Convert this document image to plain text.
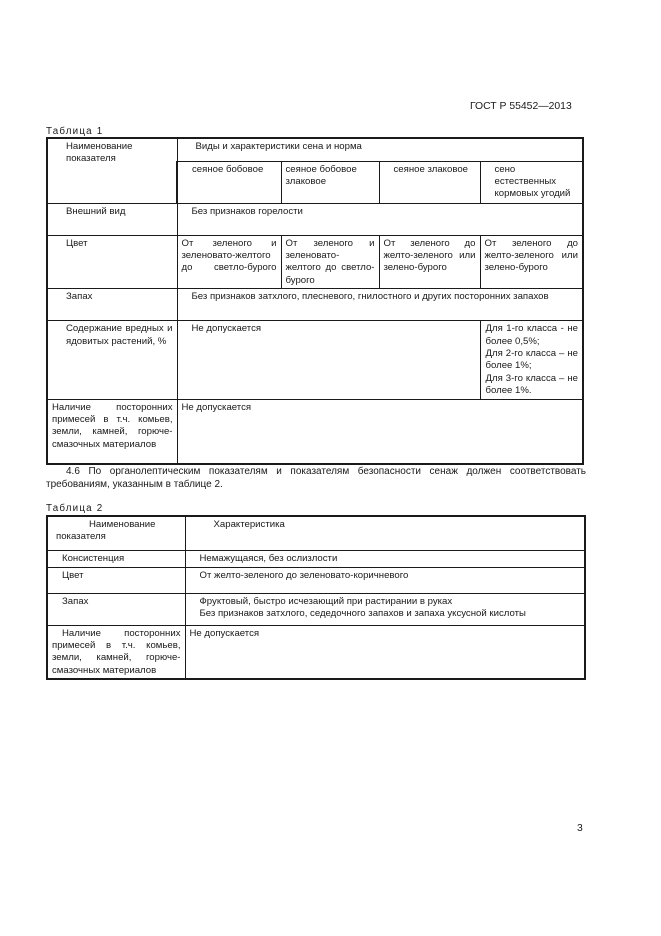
ГОСТ Р 55452—2013
Таблица 1
Наименование показателя	Виды и характеристики сена и норма			
	сеяное бобовое	сеяное бобовое злаковое	сеяное злаковое	сено естественных кормовых угодий
Внешний вид	Без признаков горелости			
Цвет	От зеленого и зеленовато-желтого до светло-бурого	От зеленого и зеленовато-желтого до светло-бурого	От зеленого до желто-зеленого или зелено-бурого	От зеленого до желто-зеленого или зелено-бурого
Запах	Без признаков затхлого, плесневого, гнилостного и других посторонних запахов			
Содержание вредных и ядовитых растений, %	Не допускается			Для 1-го класса - не более 0,5%;
Для 2-го класса – не более 1%;
Для 3-го класса – не более 1%.

Наличие посторонних примесей в т.ч. комьев, земли, камней, горюче-смазочных материалов	Не допускается			
4.6 По органолептическим показателям и показателям безопасности сенаж должен соответствовать требованиям, указанным в таблице 2.
Таблица 2
Наименование показателя	Характеристика
Консистенция	Немажущаяся, без ослизлости
Цвет	От желто-зеленого до зеленовато-коричневого
Запах	Фруктовый, быстро исчезающий при растирании в руках
Без признаков затхлого, седедочного запахов и запаха уксусной кислоты

Наличие посторонних примесей в т.ч. комьев, земли, камней, горюче-смазочных материалов	Не допускается
3
